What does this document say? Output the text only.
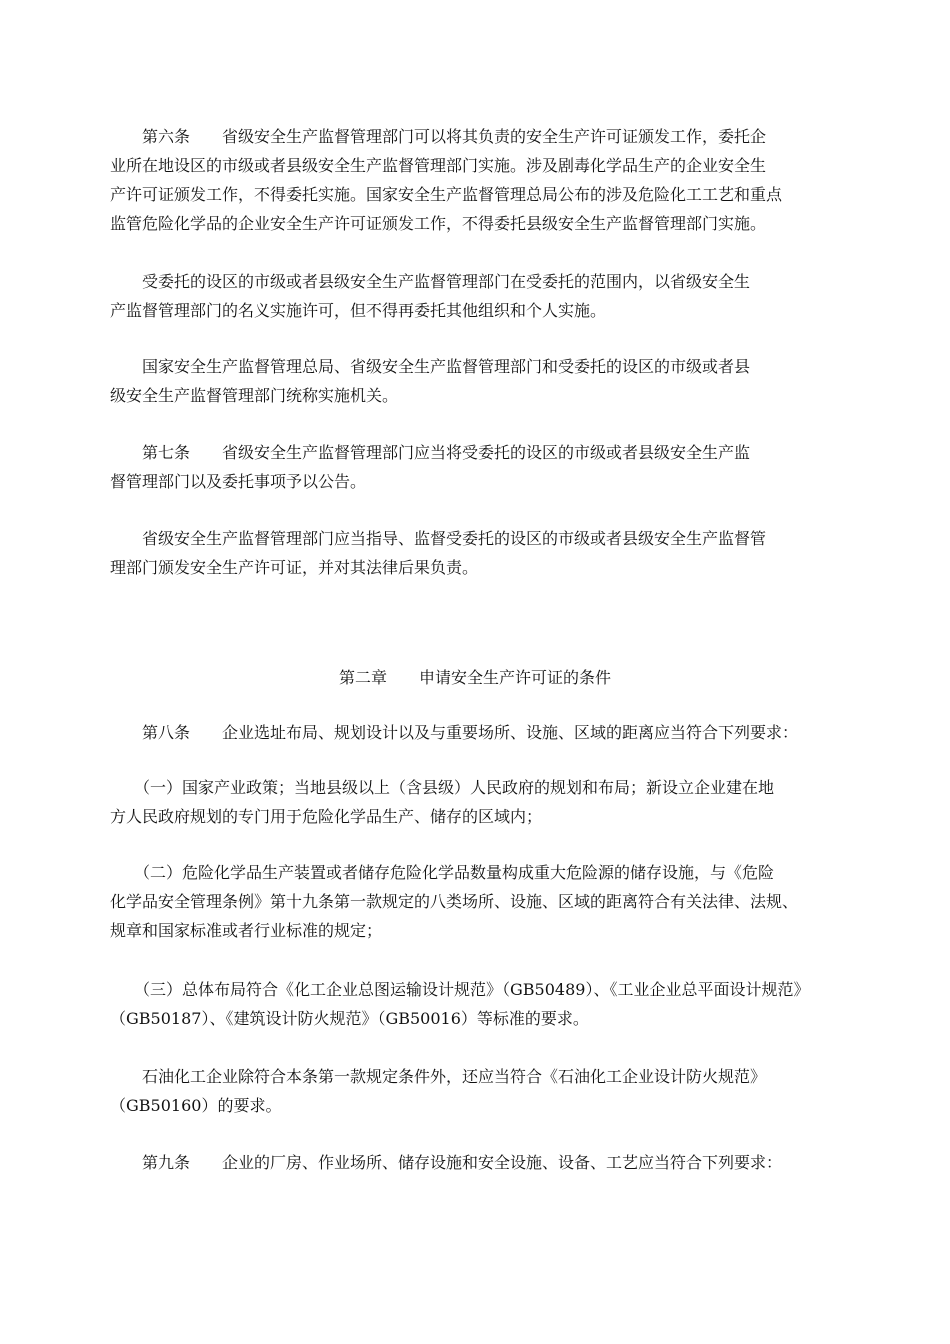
　　第六条　　省级安全生产监督管理部门可以将其负责的安全生产许可证颁发工作，委托企
业所在地设区的市级或者县级安全生产监督管理部门实施。涉及剧毒化学品生产的企业安全生
产许可证颁发工作，不得委托实施。国家安全生产监督管理总局公布的涉及危险化工工艺和重点
监管危险化学品的企业安全生产许可证颁发工作，不得委托县级安全生产监督管理部门实施。
　　受委托的设区的市级或者县级安全生产监督管理部门在受委托的范围内，以省级安全生
产监督管理部门的名义实施许可，但不得再委托其他组织和个人实施。
　　国家安全生产监督管理总局、省级安全生产监督管理部门和受委托的设区的市级或者县
级安全生产监督管理部门统称实施机关。
　　第七条　　省级安全生产监督管理部门应当将受委托的设区的市级或者县级安全生产监
督管理部门以及委托事项予以公告。
　　省级安全生产监督管理部门应当指导、监督受委托的设区的市级或者县级安全生产监督管
理部门颁发安全生产许可证，并对其法律后果负责。
第二章　　申请安全生产许可证的条件
　　第八条　　企业选址布局、规划设计以及与重要场所、设施、区域的距离应当符合下列要求：
　　（一）国家产业政策；当地县级以上（含县级）人民政府的规划和布局；新设立企业建在地
方人民政府规划的专门用于危险化学品生产、储存的区域内；
　　（二）危险化学品生产装置或者储存危险化学品数量构成重大危险源的储存设施，与《危险
化学品安全管理条例》第十九条第一款规定的八类场所、设施、区域的距离符合有关法律、法规、
规章和国家标准或者行业标准的规定；
　　（三）总体布局符合《化工企业总图运输设计规范》（GB50489）、《工业企业总平面设计规范》
（GB50187）、《建筑设计防火规范》（GB50016）等标准的要求。
　　石油化工企业除符合本条第一款规定条件外，还应当符合《石油化工企业设计防火规范》
（GB50160）的要求。
　　第九条　　企业的厂房、作业场所、储存设施和安全设施、设备、工艺应当符合下列要求：
